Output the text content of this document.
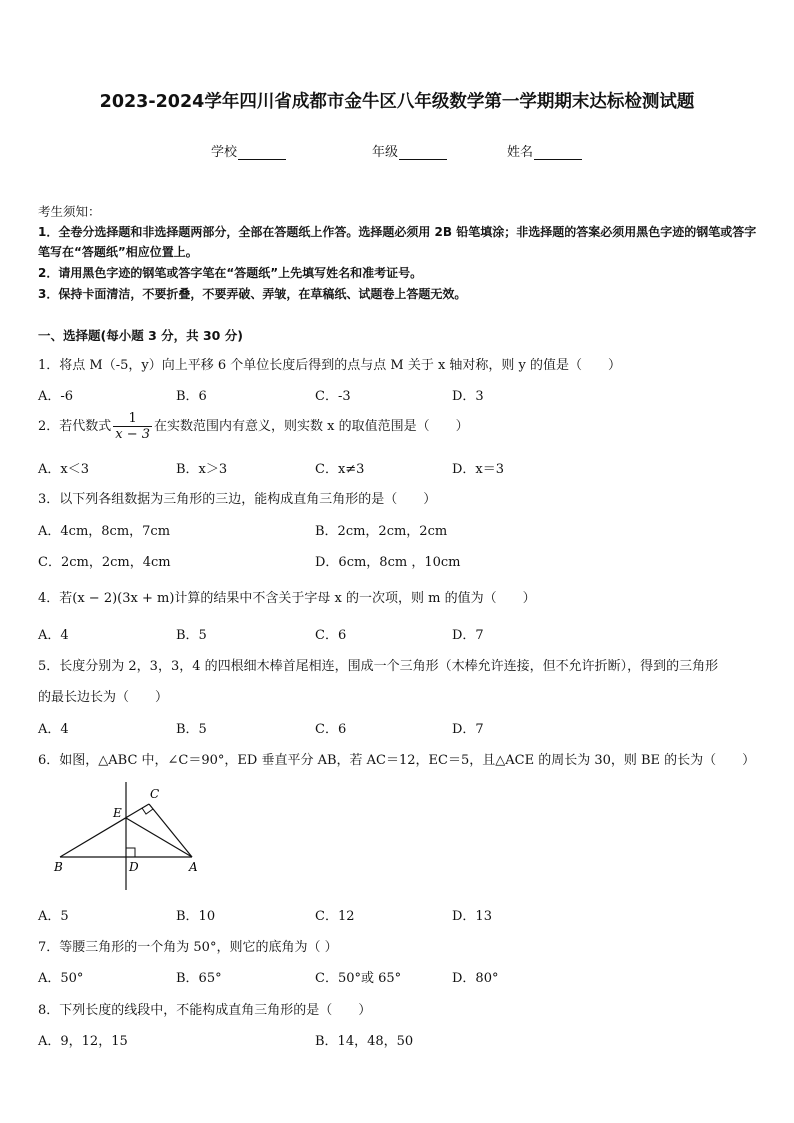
2023-2024学年四川省成都市金牛区八年级数学第一学期期末达标检测试题
学校	年级	姓名
考生须知：
1．全卷分选择题和非选择题两部分，全部在答题纸上作答。选择题必须用 2B 铅笔填涂；非选择题的答案必须用黑色字迹的钢笔或答字笔写在“答题纸”相应位置上。
2．请用黑色字迹的钢笔或答字笔在“答题纸”上先填写姓名和准考证号。
3．保持卡面清洁，不要折叠，不要弄破、弄皱，在草稿纸、试题卷上答题无效。
一、选择题(每小题 3 分，共 30 分)
1．将点 M（-5，y）向上平移 6 个单位长度后得到的点与点 M 关于 x 轴对称，则 y 的值是（　　）
A．-6	B．6	C．-3	D．3
2．若代数式 $\frac{1}{x - 3}$ 在实数范围内有意义，则实数 x 的取值范围是（　　）
A．x＜3	B．x＞3	C．x≠3	D．x＝3
3．以下列各组数据为三角形的三边，能构成直角三角形的是（　　）
A．4cm，8cm，7cm	B．2cm，2cm，2cm
C．2cm，2cm，4cm	D．6cm，8cm ，10cm
4．若(x − 2)(3x + m)计算的结果中不含关于字母 x 的一次项，则 m 的值为（　　）
A．4	B．5	C．6	D．7
5．长度分别为 2，3，3，4 的四根细木棒首尾相连，围成一个三角形（木棒允许连接，但不允许折断），得到的三角形
的最长边长为（　　）
A．4	B．5	C．6	D．7
6．如图，△ABC 中，∠C＝90°，ED 垂直平分 AB，若 AC＝12，EC＝5，且△ACE 的周长为 30，则 BE 的长为（　　）
E
C
B	D	A
A．5	B．10	C．12	D．13
7．等腰三角形的一个角为 50°，则它的底角为（ ）
A．50°	B．65°	C．50°或 65°	D．80°
8．下列长度的线段中，不能构成直角三角形的是（　　）
A．9，12，15	B．14，48，50
